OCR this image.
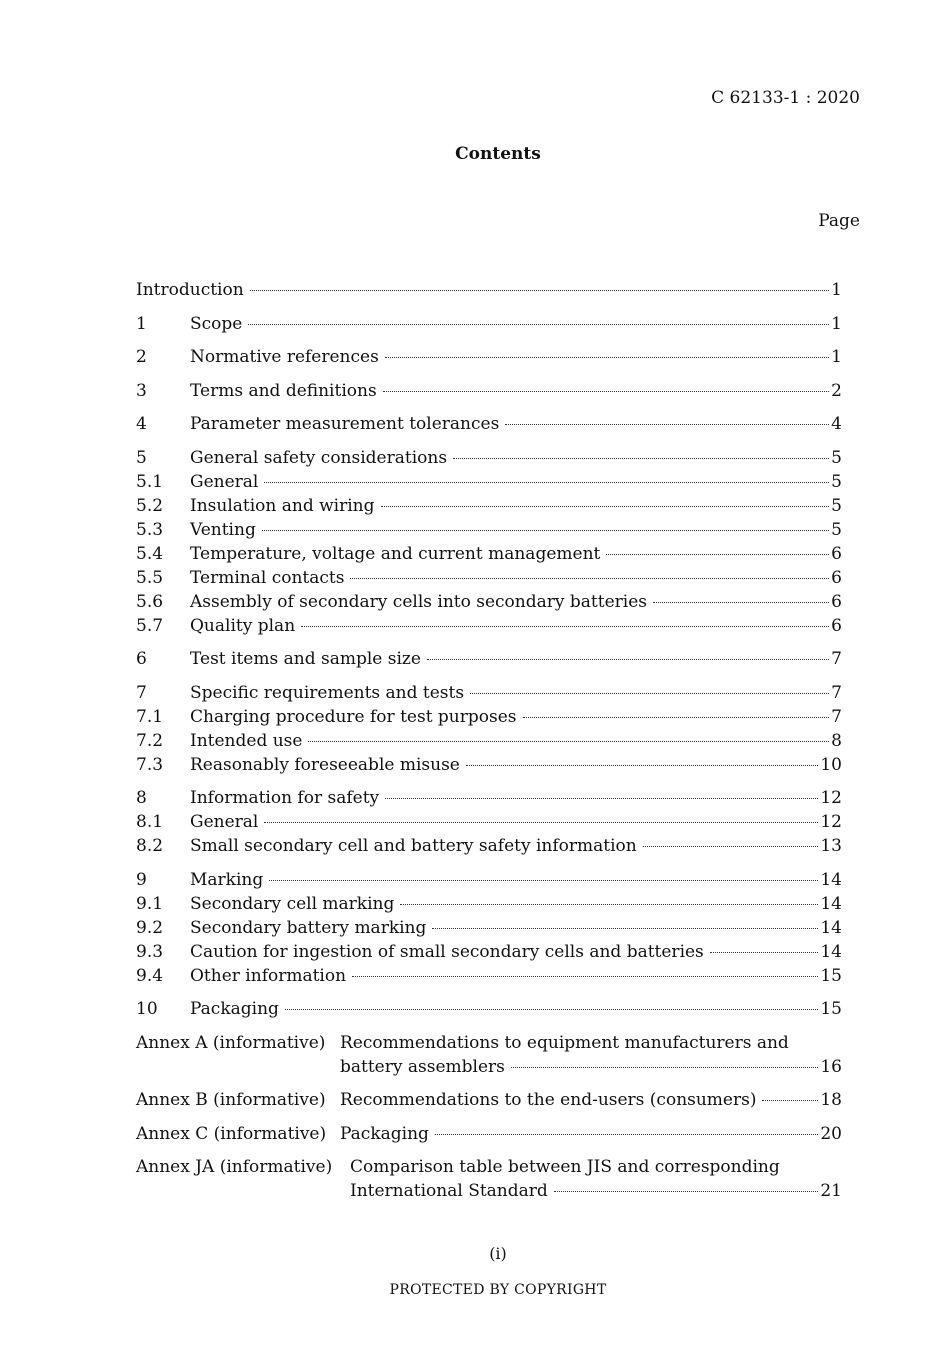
C 62133-1 : 2020
Contents
Page
Introduction	1
1	Scope	1
2	Normative references	1
3	Terms and definitions	2
4	Parameter measurement tolerances	4
5	General safety considerations	5
5.1	General	5
5.2	Insulation and wiring	5
5.3	Venting	5
5.4	Temperature, voltage and current management	6
5.5	Terminal contacts	6
5.6	Assembly of secondary cells into secondary batteries	6
5.7	Quality plan	6
6	Test items and sample size	7
7	Specific requirements and tests	7
7.1	Charging procedure for test purposes	7
7.2	Intended use	8
7.3	Reasonably foreseeable misuse	10
8	Information for safety	12
8.1	General	12
8.2	Small secondary cell and battery safety information	13
9	Marking	14
9.1	Secondary cell marking	14
9.2	Secondary battery marking	14
9.3	Caution for ingestion of small secondary cells and batteries	14
9.4	Other information	15
10	Packaging	15
Annex A (informative) Recommendations to equipment manufacturers and
battery assemblers	16
Annex B (informative) Recommendations to the end-users (consumers)	18
Annex C (informative) Packaging	20
Annex JA (informative)	Comparison table between JIS and corresponding
International Standard	21
(i)
PROTECTED BY COPYRIGHT
